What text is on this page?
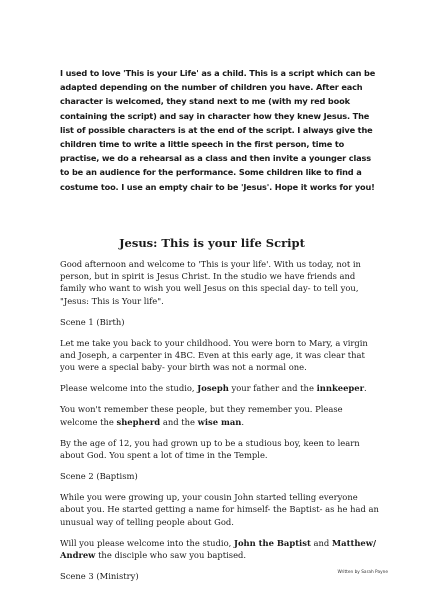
I used to love 'This is your Life' as a child. This is a script which can be adapted depending on the number of children you have. After each character is welcomed, they stand next to me (with my red book containing the script) and say in character how they knew Jesus. The list of possible characters is at the end of the script. I always give the children time to write a little speech in the first person, time to practise, we do a rehearsal as a class and then invite a younger class to be an audience for the performance. Some children like to find a costume too. I use an empty chair to be 'Jesus'. Hope it works for you!
Jesus: This is your life Script

Good afternoon and welcome to 'This is your life'. With us today, not in person, but in spirit is Jesus Christ. In the studio we have friends and family who want to wish you well Jesus on this special day- to tell you, "Jesus: This is Your life".

Scene 1 (Birth)

Let me take you back to your childhood. You were born to Mary, a virgin and Joseph, a carpenter in 4BC. Even at this early age, it was clear that you were a special baby- your birth was not a normal one.

Please welcome into the studio, Joseph your father and the innkeeper.

You won't remember these people, but they remember you. Please welcome the shepherd and the wise man.

By the age of 12, you had grown up to be a studious boy, keen to learn about God. You spent a lot of time in the Temple.

Scene 2 (Baptism)

While you were growing up, your cousin John started telling everyone about you. He started getting a name for himself- the Baptist- as he had an unusual way of telling people about God.

Will you please welcome into the studio, John the Baptist and Matthew/ Andrew the disciple who saw you baptised.

Scene 3 (Ministry)	Written by Sarah Payne
